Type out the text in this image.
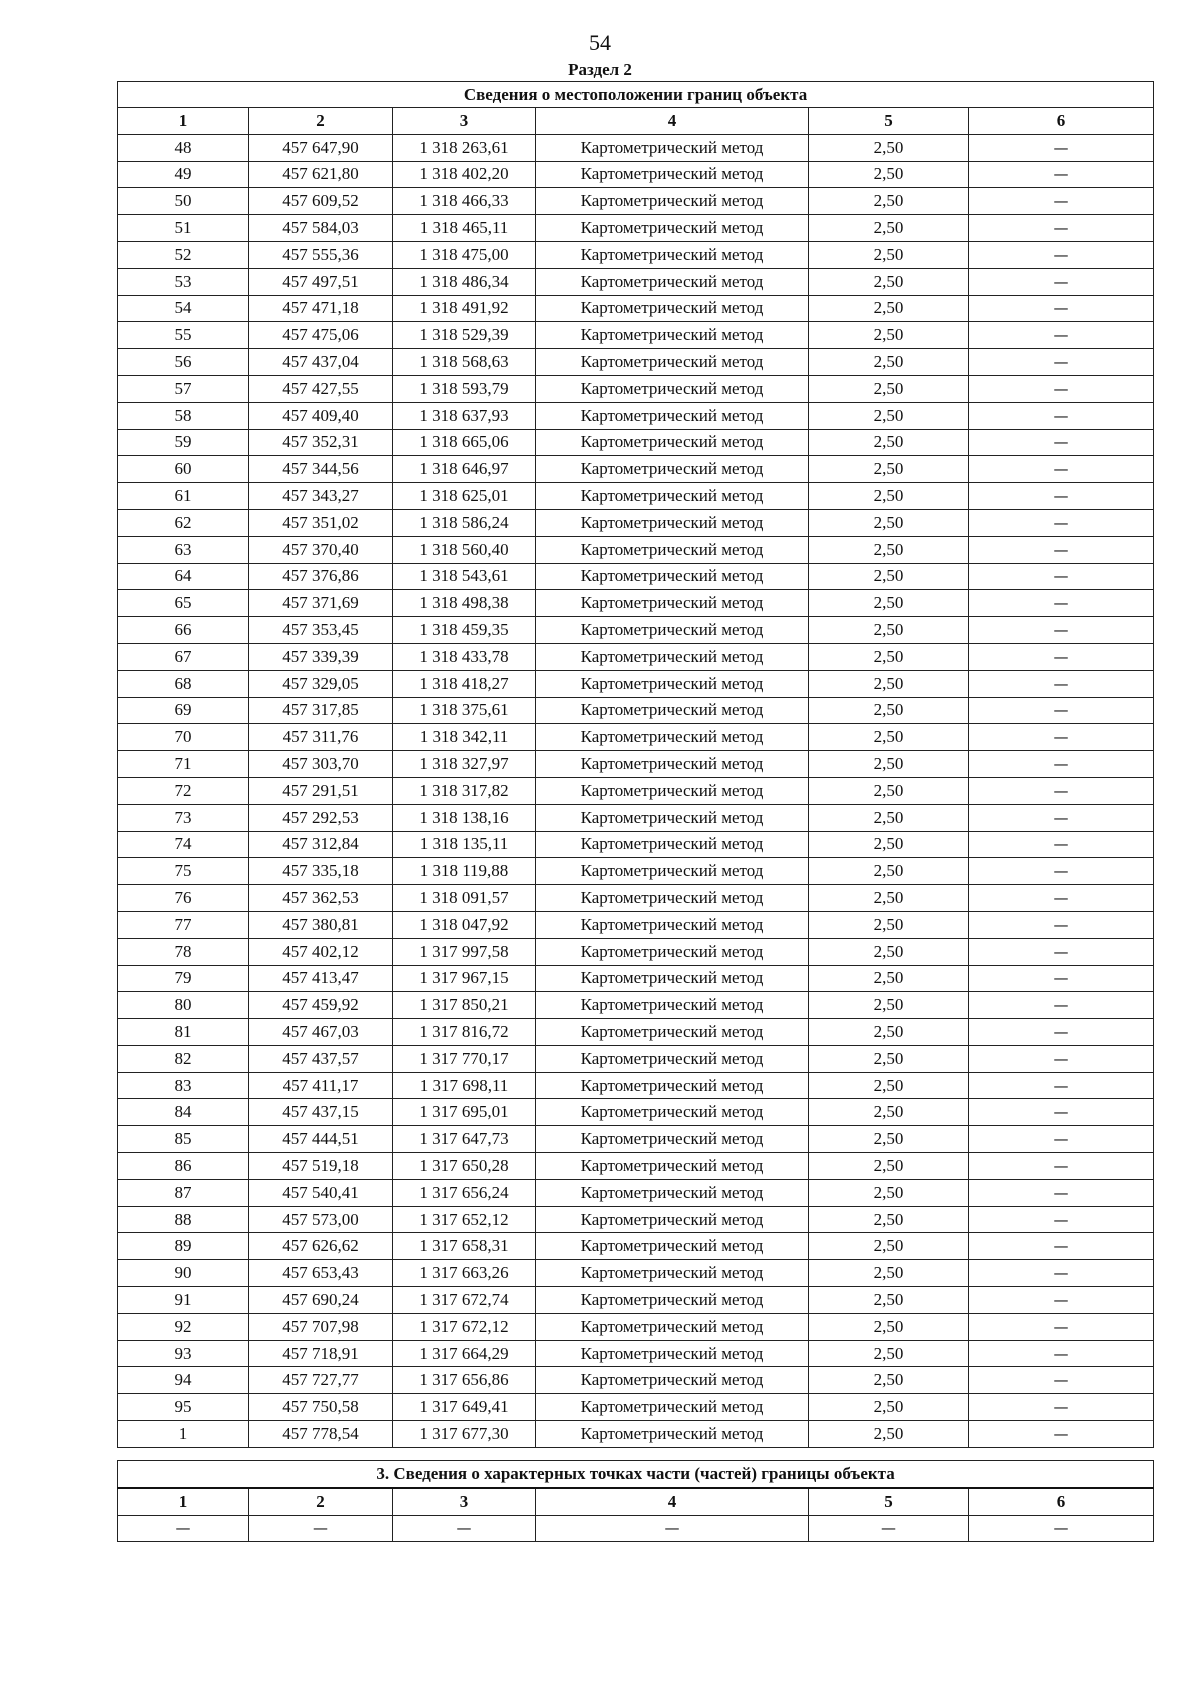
54
Раздел 2
Сведения о местоположении границ объекта					
1	2	3	4	5	6
48	457 647,90	1 318 263,61	Картометрический метод	2,50	—
49	457 621,80	1 318 402,20	Картометрический метод	2,50	—
50	457 609,52	1 318 466,33	Картометрический метод	2,50	—
51	457 584,03	1 318 465,11	Картометрический метод	2,50	—
52	457 555,36	1 318 475,00	Картометрический метод	2,50	—
53	457 497,51	1 318 486,34	Картометрический метод	2,50	—
54	457 471,18	1 318 491,92	Картометрический метод	2,50	—
55	457 475,06	1 318 529,39	Картометрический метод	2,50	—
56	457 437,04	1 318 568,63	Картометрический метод	2,50	—
57	457 427,55	1 318 593,79	Картометрический метод	2,50	—
58	457 409,40	1 318 637,93	Картометрический метод	2,50	—
59	457 352,31	1 318 665,06	Картометрический метод	2,50	—
60	457 344,56	1 318 646,97	Картометрический метод	2,50	—
61	457 343,27	1 318 625,01	Картометрический метод	2,50	—
62	457 351,02	1 318 586,24	Картометрический метод	2,50	—
63	457 370,40	1 318 560,40	Картометрический метод	2,50	—
64	457 376,86	1 318 543,61	Картометрический метод	2,50	—
65	457 371,69	1 318 498,38	Картометрический метод	2,50	—
66	457 353,45	1 318 459,35	Картометрический метод	2,50	—
67	457 339,39	1 318 433,78	Картометрический метод	2,50	—
68	457 329,05	1 318 418,27	Картометрический метод	2,50	—
69	457 317,85	1 318 375,61	Картометрический метод	2,50	—
70	457 311,76	1 318 342,11	Картометрический метод	2,50	—
71	457 303,70	1 318 327,97	Картометрический метод	2,50	—
72	457 291,51	1 318 317,82	Картометрический метод	2,50	—
73	457 292,53	1 318 138,16	Картометрический метод	2,50	—
74	457 312,84	1 318 135,11	Картометрический метод	2,50	—
75	457 335,18	1 318 119,88	Картометрический метод	2,50	—
76	457 362,53	1 318 091,57	Картометрический метод	2,50	—
77	457 380,81	1 318 047,92	Картометрический метод	2,50	—
78	457 402,12	1 317 997,58	Картометрический метод	2,50	—
79	457 413,47	1 317 967,15	Картометрический метод	2,50	—
80	457 459,92	1 317 850,21	Картометрический метод	2,50	—
81	457 467,03	1 317 816,72	Картометрический метод	2,50	—
82	457 437,57	1 317 770,17	Картометрический метод	2,50	—
83	457 411,17	1 317 698,11	Картометрический метод	2,50	—
84	457 437,15	1 317 695,01	Картометрический метод	2,50	—
85	457 444,51	1 317 647,73	Картометрический метод	2,50	—
86	457 519,18	1 317 650,28	Картометрический метод	2,50	—
87	457 540,41	1 317 656,24	Картометрический метод	2,50	—
88	457 573,00	1 317 652,12	Картометрический метод	2,50	—
89	457 626,62	1 317 658,31	Картометрический метод	2,50	—
90	457 653,43	1 317 663,26	Картометрический метод	2,50	—
91	457 690,24	1 317 672,74	Картометрический метод	2,50	—
92	457 707,98	1 317 672,12	Картометрический метод	2,50	—
93	457 718,91	1 317 664,29	Картометрический метод	2,50	—
94	457 727,77	1 317 656,86	Картометрический метод	2,50	—
95	457 750,58	1 317 649,41	Картометрический метод	2,50	—
1	457 778,54	1 317 677,30	Картометрический метод	2,50	—
3. Сведения о характерных точках части (частей) границы объекта					
1	2	3	4	5	6
—	—	—	—	—	—
